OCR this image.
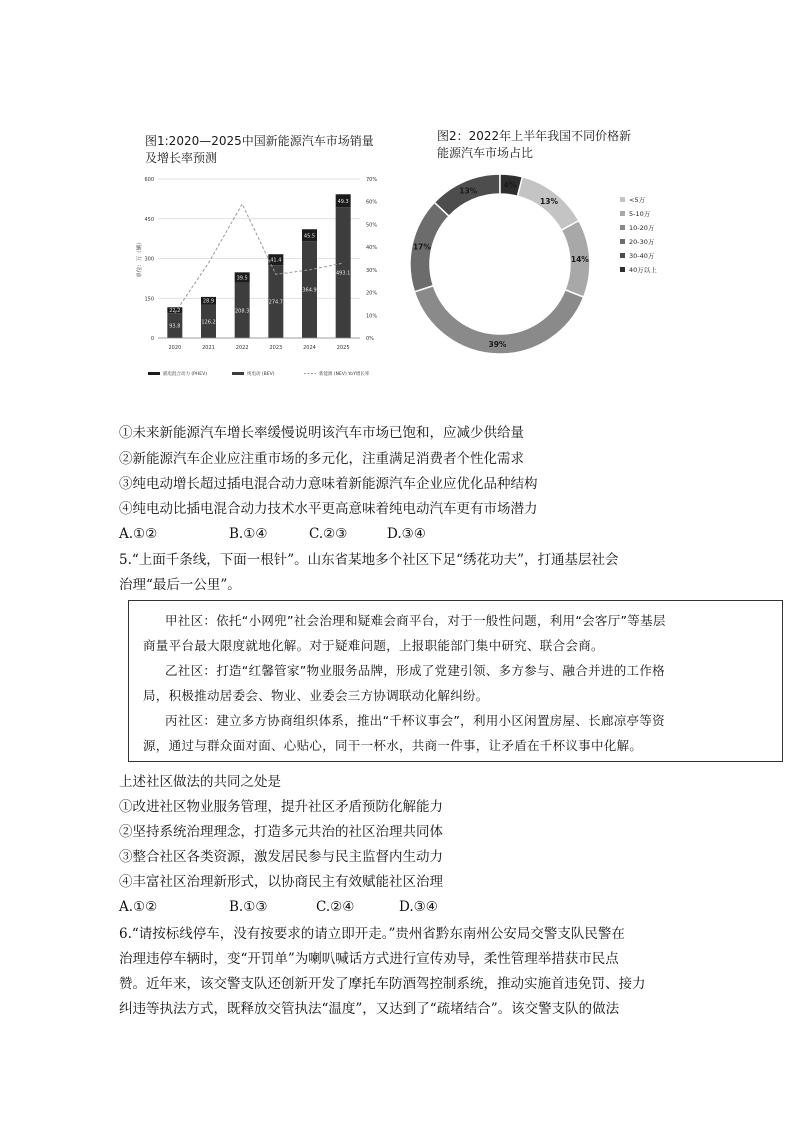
图1:2020—2025中国新能源汽车市场销量
及增长率预测
0
150
300
450
600
0%
10%
20%
30%
40%
50%
60%
70%
单位：万（辆）
93.8
22.2
2020
126.2
28.9
2021
208.3
39.5
2022
274.7
41.4
2023
364.9
45.5
2024
493.1
49.3
2025
插电混合动力 (PHEV)	纯电动 (BEV)	新能源 (NEV) YoY增长率
图2：2022年上半年我国不同价格新
能源汽车市场占比
13%
14%
39%
17%
13%
4%
<5万
5-10万
10-20万
20-30万
30-40万
40万以上
①未来新能源汽车增长率缓慢说明该汽车市场已饱和，应减少供给量
②新能源汽车企业应注重市场的多元化，注重满足消费者个性化需求
③纯电动增长超过插电混合动力意味着新能源汽车企业应优化品种结构
④纯电动比插电混合动力技术水平更高意味着纯电动汽车更有市场潜力
A.①②	B.①④	C.②③	D.③④
5.“上面千条线，下面一根针”。山东省某地多个社区下足“绣花功夫”，打通基层社会
治理“最后一公里”。

甲社区：依托“小网兜”社会治理和疑难会商平台，对于一般性问题，利用“会客厅”等基层

商量平台最大限度就地化解。对于疑难问题，上报职能部门集中研究、联合会商。

乙社区：打造“红馨管家”物业服务品牌，形成了党建引领、多方参与、融合并进的工作格

局，积极推动居委会、物业、业委会三方协调联动化解纠纷。

丙社区：建立多方协商组织体系，推出“千杯议事会”，利用小区闲置房屋、长廊凉亭等资

源，通过与群众面对面、心贴心，同干一杯水，共商一件事，让矛盾在千杯议事中化解。

上述社区做法的共同之处是
①改进社区物业服务管理，提升社区矛盾预防化解能力
②坚持系统治理理念，打造多元共治的社区治理共同体
③整合社区各类资源，激发居民参与民主监督内生动力
④丰富社区治理新形式，以协商民主有效赋能社区治理
A.①②	B.①③	C.②④	D.③④
6.“请按标线停车，没有按要求的请立即开走。”贵州省黔东南州公安局交警支队民警在
治理违停车辆时，变“开罚单”为喇叭喊话方式进行宣传劝导，柔性管理举措获市民点
赞。近年来，该交警支队还创新开发了摩托车防酒驾控制系统，推动实施首违免罚、接力
纠违等执法方式，既释放交管执法“温度”，又达到了“疏堵结合”。该交警支队的做法
